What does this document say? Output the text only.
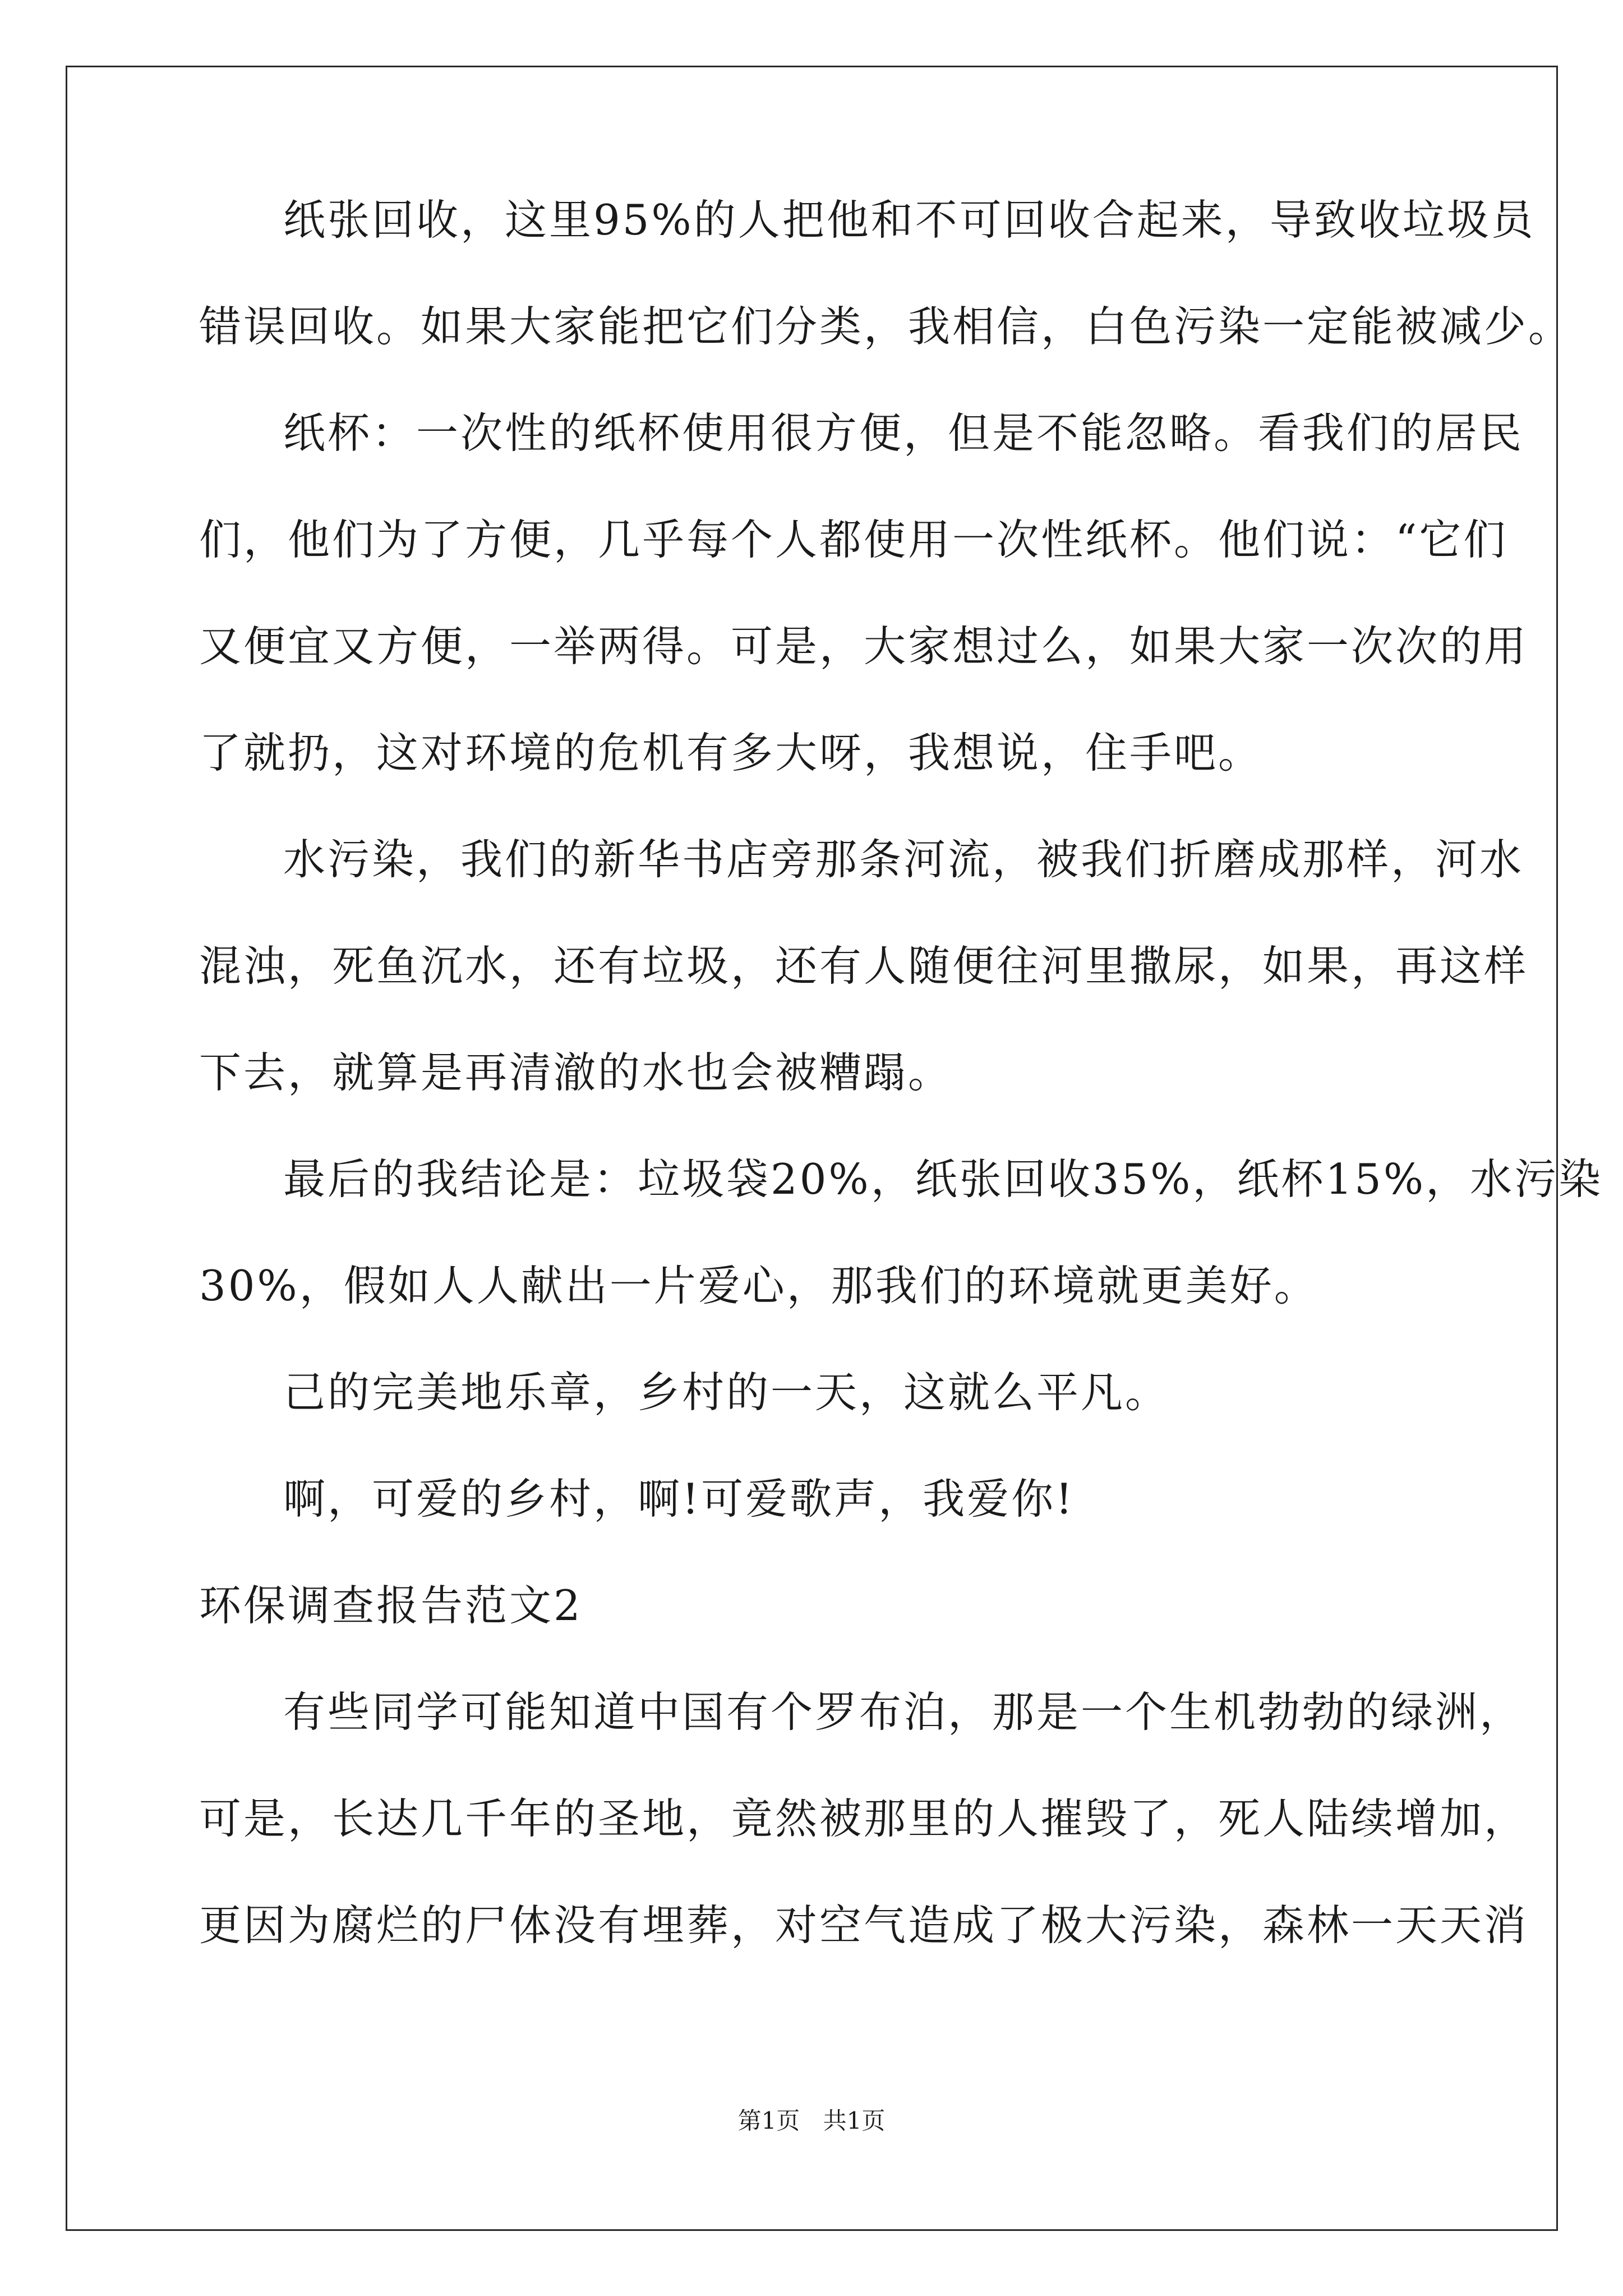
纸张回收，这里95%的人把他和不可回收合起来，导致收垃圾员
错误回收。如果大家能把它们分类，我相信，白色污染一定能被减少。
纸杯：一次性的纸杯使用很方便，但是不能忽略。看我们的居民
们，他们为了方便，几乎每个人都使用一次性纸杯。他们说：“它们
又便宜又方便，一举两得。可是，大家想过么，如果大家一次次的用
了就扔，这对环境的危机有多大呀，我想说，住手吧。
水污染，我们的新华书店旁那条河流，被我们折磨成那样，河水
混浊，死鱼沉水，还有垃圾，还有人随便往河里撒尿，如果，再这样
下去，就算是再清澈的水也会被糟蹋。
最后的我结论是：垃圾袋20%，纸张回收35%，纸杯15%，水污染
30%，假如人人献出一片爱心，那我们的环境就更美好。
己的完美地乐章，乡村的一天，这就么平凡。
啊，可爱的乡村，啊!可爱歌声，我爱你!
环保调查报告范文2
有些同学可能知道中国有个罗布泊，那是一个生机勃勃的绿洲，
可是，长达几千年的圣地，竟然被那里的人摧毁了，死人陆续增加，
更因为腐烂的尸体没有埋葬，对空气造成了极大污染，森林一天天消
第1页 共1页
